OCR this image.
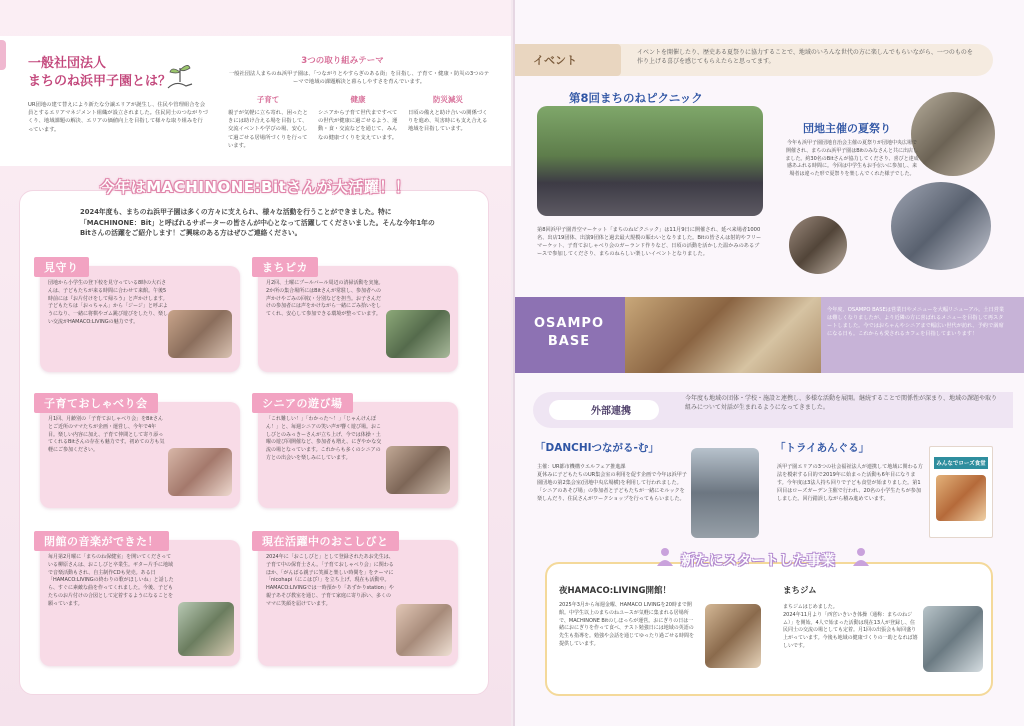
一般社団法人
まちのね浜甲子園とは？
UR団地の建て替えにより新たな分譲エリアが誕生し、住民や管理組合を会員とするエリアマネジメント組織が設立されました。住民同士のつながりづくり、地域課題の解決、エリアの価値向上を目指して様々な取り組みを行っています。
3つの取り組みテーマ
一般社団法人まちのね浜甲子園は、「つながりとやすらぎのある街」を目指し、子育て・健康・防災の3つのテーマで地域の課題解決と暮らしやすさを育んでいます。
子育て
親子が気軽に立ち寄れ、困ったときには助け合える場を目指して、交流イベントや学びの場、安心して過ごせる居場所づくりを行っています。
健康
シニアから子育て世代まですべての世代が健康に過ごせるよう、運動・食・交流などを通じて、みんなの健康づくりを支えています。
防災減災
日頃の備えと助け合いの関係づくりを進め、災害時にも支え合える地域を目指しています。
今年はMACHINONE:Bitさんが大活躍！！
2024年度も、まちのね浜甲子園は多くの方々に支えられ、様々な活動を行うことができました。特に「MACHINONE：Bit」と呼ばれるサポーターの皆さんが中心となって活躍してくださいました。そんな今年1年のBitさんの活躍をご紹介します！ご興味のある方はぜひご連絡ください。
見守り
団地から小学生の登下校を見守っている8時の大石さんは、子どもたちが来る時間に合わせて来館。午後5時前には『お片付けをして帰ろう』と声かけします。子どもたちは「おっちゃん」から「ジージ」と呼ぶようになり、一緒に将棋やゴム跳び遊びをしたり、楽しい交流がHAMACO:LIVINGの魅力です。
まちピカ
月2回、土曜にプールバール周辺の清掃活動を実施。2か所の集合場所にはBitさんが常駐し、参加者への声かけやごみの回収・分別などを担当。お子さんだけの参加者には声をかけながら一緒にごみ拾いをしてくれ、安心して参加できる環境が整っています。
子育ておしゃべり会
月1回、月齢別の「子育ておしゃべり会」をBitさんとご近所のママたちが企画・運営し、今年で4年目。楽しい内容に加え、子育て仲間として寄り添ってくれるBitさんの存在も魅力です。初めての方も気軽にご参加ください。
シニアの遊び場
「これ難しい！」「わかった～！」「じゃんけんぽん！」と、毎週シニアの笑い声が響く遊び場。おこしびとのみっきーさんが立ち上げ、今では体操・土曜の遊び回開催など、参加者も増え、にぎやかな交流の場となっています。これからも多くのシニアの方との出会いを楽しみにしています。
閉館の音楽ができた！
毎月第2月曜に「まちのね保健室」を開いてくださっている柳原さんは、おこしびと卒業生。ギター片手に地域で音楽活動もされ、自主制作CDも発売。ある日「HAMACO:LIVINGの終わりの歌がほしいね」と話したら、すぐに素敵な曲を作ってくれました。今後、子どもたちのお片付けの合図として定着するようになることを願っています。
現在活躍中のおこしびと
2024年に「おこしびと」として登録されたあお先生は、子育て中の保育士さん。「子育ておしゃべり会」に関わるほか、「がんばる親子に笑顔と楽しい時間を」をテーマに「nicohapi（にこはぴ）」を立ち上げ、現在も活動中。HAMACO:LIVINGでは一時預かり「あずかりstation」や親子あそび教室を通じ、子育て家庭に寄り添い、多くのママに笑顔を届けています。
イベント
イベントを開催したり、歴史ある夏祭りに協力することで、地域のいろんな世代の方に楽しんでもらいながら、一つのものを作り上げる喜びを感じてもらえたらと思ってます。
第8回まちのねピクニック
第8回浜甲子園青空マーケット「まちのねピクニック」は11月9日に開催され、延べ来場者1000名、出店19団体、出演9団体と過去最大規模の賑わいとなりました。Bitの皆さんは射的やフリーマーケット、子育ておしゃべり会のガーランド作りなど、日頃の活動を活かした温かみのあるブースで参加してくださり、まちのねらしい楽しいイベントとなりました。
団地主催の夏祭り
今年も浜甲子園団地自治会主催の夏祭りが団地中央広場で開催され、まちのね浜甲子園はBitのみなさんと共に出店しました。約30名のBitさんが協力してくださり、喜びと達成感あふれる時間に。今回は中学生もお手伝いに参加し、来場者は違った形で夏祭りを楽しんでくれた様子でした。
OSAMPO
BASE
今年度、OSAMPO BASEは営業日やメニューを大幅リニューアル。土日営業は難しくなりましたが、より近隣の方に喜ばれるメニューを目指して再スタートしました。今ではおちゃんやシニアまで幅広い世代が訪れ、予約で満席になる日も。これからも愛されるカフェを目指してまいります！
外部連携
今年度も地域の団体・学校・施設と連携し、多様な活動を展開。継続することで関係性が深まり、地域の課題や取り組みについて対話が生まれるようになってきました。
「DANCHIつながる-む」
主催：UR都市機構ウエルフェア推進課
夏休みに子どもたちのUR集会室の利用を促す企画で今年は浜甲子園団地の第2集会室(団地中央広場横)を利用して行われました。「シニアのあそび場」の参加者と子どもたちが一緒にモルックを楽しんだり、住民さんがワークショップを行ってもらいました。
「トライあんぐる」
浜甲子園エリアの3つの社会福祉法人が連携して地域に関わる方法を模索する目的で2019年に始まった活動も6年目になります。今年度は3法人持ち回りで子ども食堂が始まりました。第1回目はローズガーデン主催で行われ、20名の小学生たちが参加しました。回行錯誤しながら積み進めています。
みんなでローズ食堂
新たにスタートした事業
夜HAMACO:LIVING開館！
2025年3月から毎週金曜、HAMACO LIVINGを20時まで開館。中学生以上のまちのねユースが気軽に集まれる居場所で、MACHINONE Bitのしほっちが運営。おにぎりの日は一緒におにぎりを作って食べ、テスト勉強日には地域の英語の先生も指導を。勉強や会話を通じてゆったり過ごせる時間を提供しています。
まちジム
まちジムはじめました。
2024年11月より「西宮いきいき体操（通称：まちのねジム）」を開始。4人で始まった活動は現在13人が登録し、住民同士の交流の場としても定着。月1回の出張会も毎回盛り上がっています。今後も地域の健康づくりの一助となれば嬉しいです。
